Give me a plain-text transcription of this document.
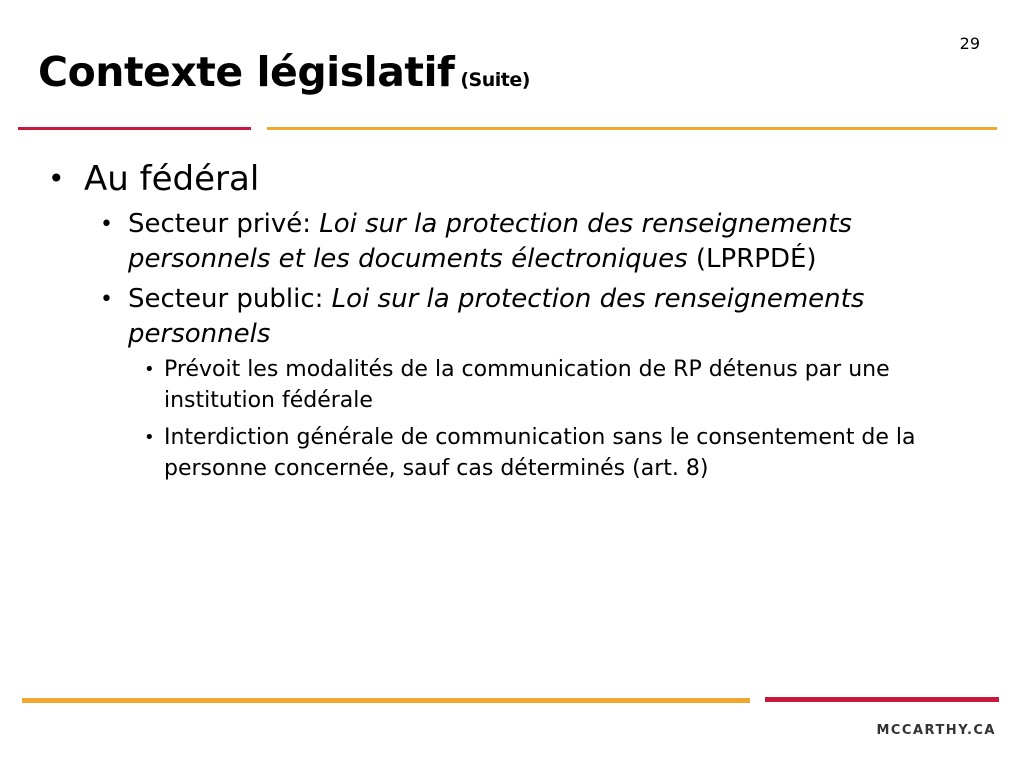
29
Contexte législatif (Suite)
• Au fédéral
• Secteur privé: Loi sur la protection des renseignements personnels et les documents électroniques (LPRPDÉ)
• Secteur public: Loi sur la protection des renseignements personnels
• Prévoit les modalités de la communication de RP détenus par une institution fédérale
• Interdiction générale de communication sans le consentement de la personne concernée, sauf cas déterminés (art. 8)
MCCARTHY.CA
